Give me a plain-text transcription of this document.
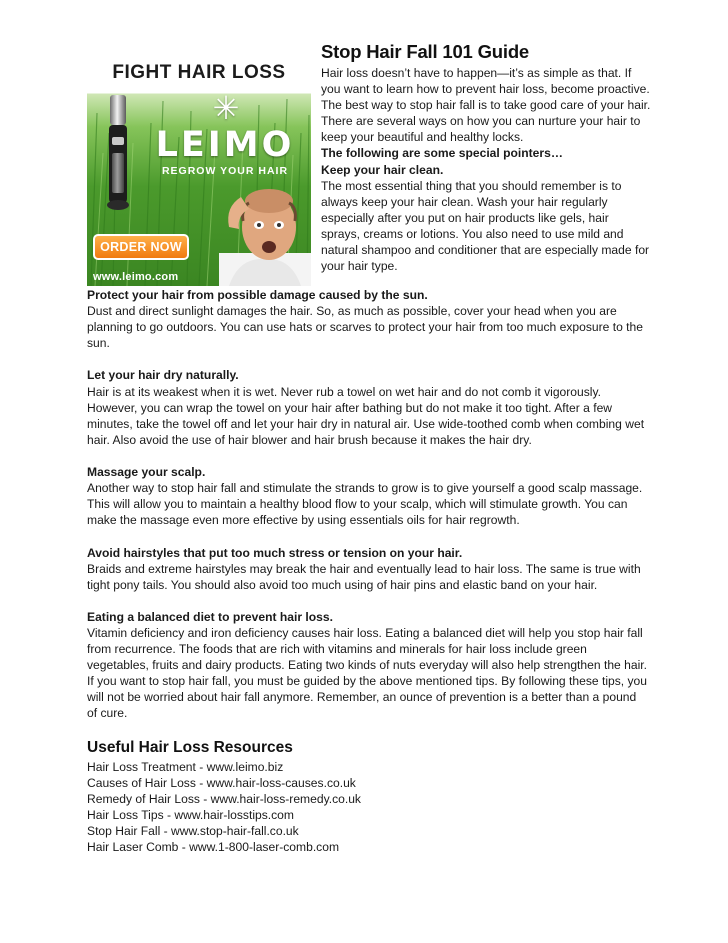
FIGHT HAIR LOSS
✳
LEIMO
REGROW YOUR HAIR
ORDER NOW
www.leimo.com
Stop Hair Fall 101 Guide

Hair loss doesn’t have to happen—it’s as simple as that. If you want to learn how to prevent hair loss, become proactive. The best way to stop hair fall is to take good care of your hair. There are several ways on how you can nurture your hair to keep your beautiful and healthy locks.

The following are some special pointers…

Keep your hair clean.

The most essential thing that you should remember is to always keep your hair clean. Wash your hair regularly especially after you put on hair products like gels, hair sprays, creams or lotions. You also need to use mild and natural shampoo and conditioner that are especially made for your hair type.

Protect your hair from possible damage caused by the sun.

Dust and direct sunlight damages the hair. So, as much as possible, cover your head when you are planning to go outdoors. You can use hats or scarves to protect your hair from too much exposure to the sun.

Let your hair dry naturally.

Hair is at its weakest when it is wet. Never rub a towel on wet hair and do not comb it vigorously. However, you can wrap the towel on your hair after bathing but do not make it too tight. After a few minutes, take the towel off and let your hair dry in natural air. Use wide-toothed comb when combing wet hair. Also avoid the use of hair blower and hair brush because it makes the hair dry.

Massage your scalp.

Another way to stop hair fall and stimulate the strands to grow is to give yourself a good scalp massage. This will allow you to maintain a healthy blood flow to your scalp, which will stimulate growth. You can make the massage even more effective by using essentials oils for hair regrowth.

Avoid hairstyles that put too much stress or tension on your hair.

Braids and extreme hairstyles may break the hair and eventually lead to hair loss. The same is true with tight pony tails. You should also avoid too much using of hair pins and elastic band on your hair.

Eating a balanced diet to prevent hair loss.

Vitamin deficiency and iron deficiency causes hair loss. Eating a balanced diet will help you stop hair fall from recurrence. The foods that are rich with vitamins and minerals for hair loss include green vegetables, fruits and dairy products. Eating two kinds of nuts everyday will also help strengthen the hair.

If you want to stop hair fall, you must be guided by the above mentioned tips. By following these tips, you will not be worried about hair fall anymore. Remember, an ounce of prevention is a better than a pound of cure.

Useful Hair Loss Resources
Hair Loss Treatment - www.leimo.biz
Causes of Hair Loss - www.hair-loss-causes.co.uk
Remedy of Hair Loss - www.hair-loss-remedy.co.uk
Hair Loss Tips - www.hair-losstips.com
Stop Hair Fall - www.stop-hair-fall.co.uk
Hair Laser Comb - www.1-800-laser-comb.com
